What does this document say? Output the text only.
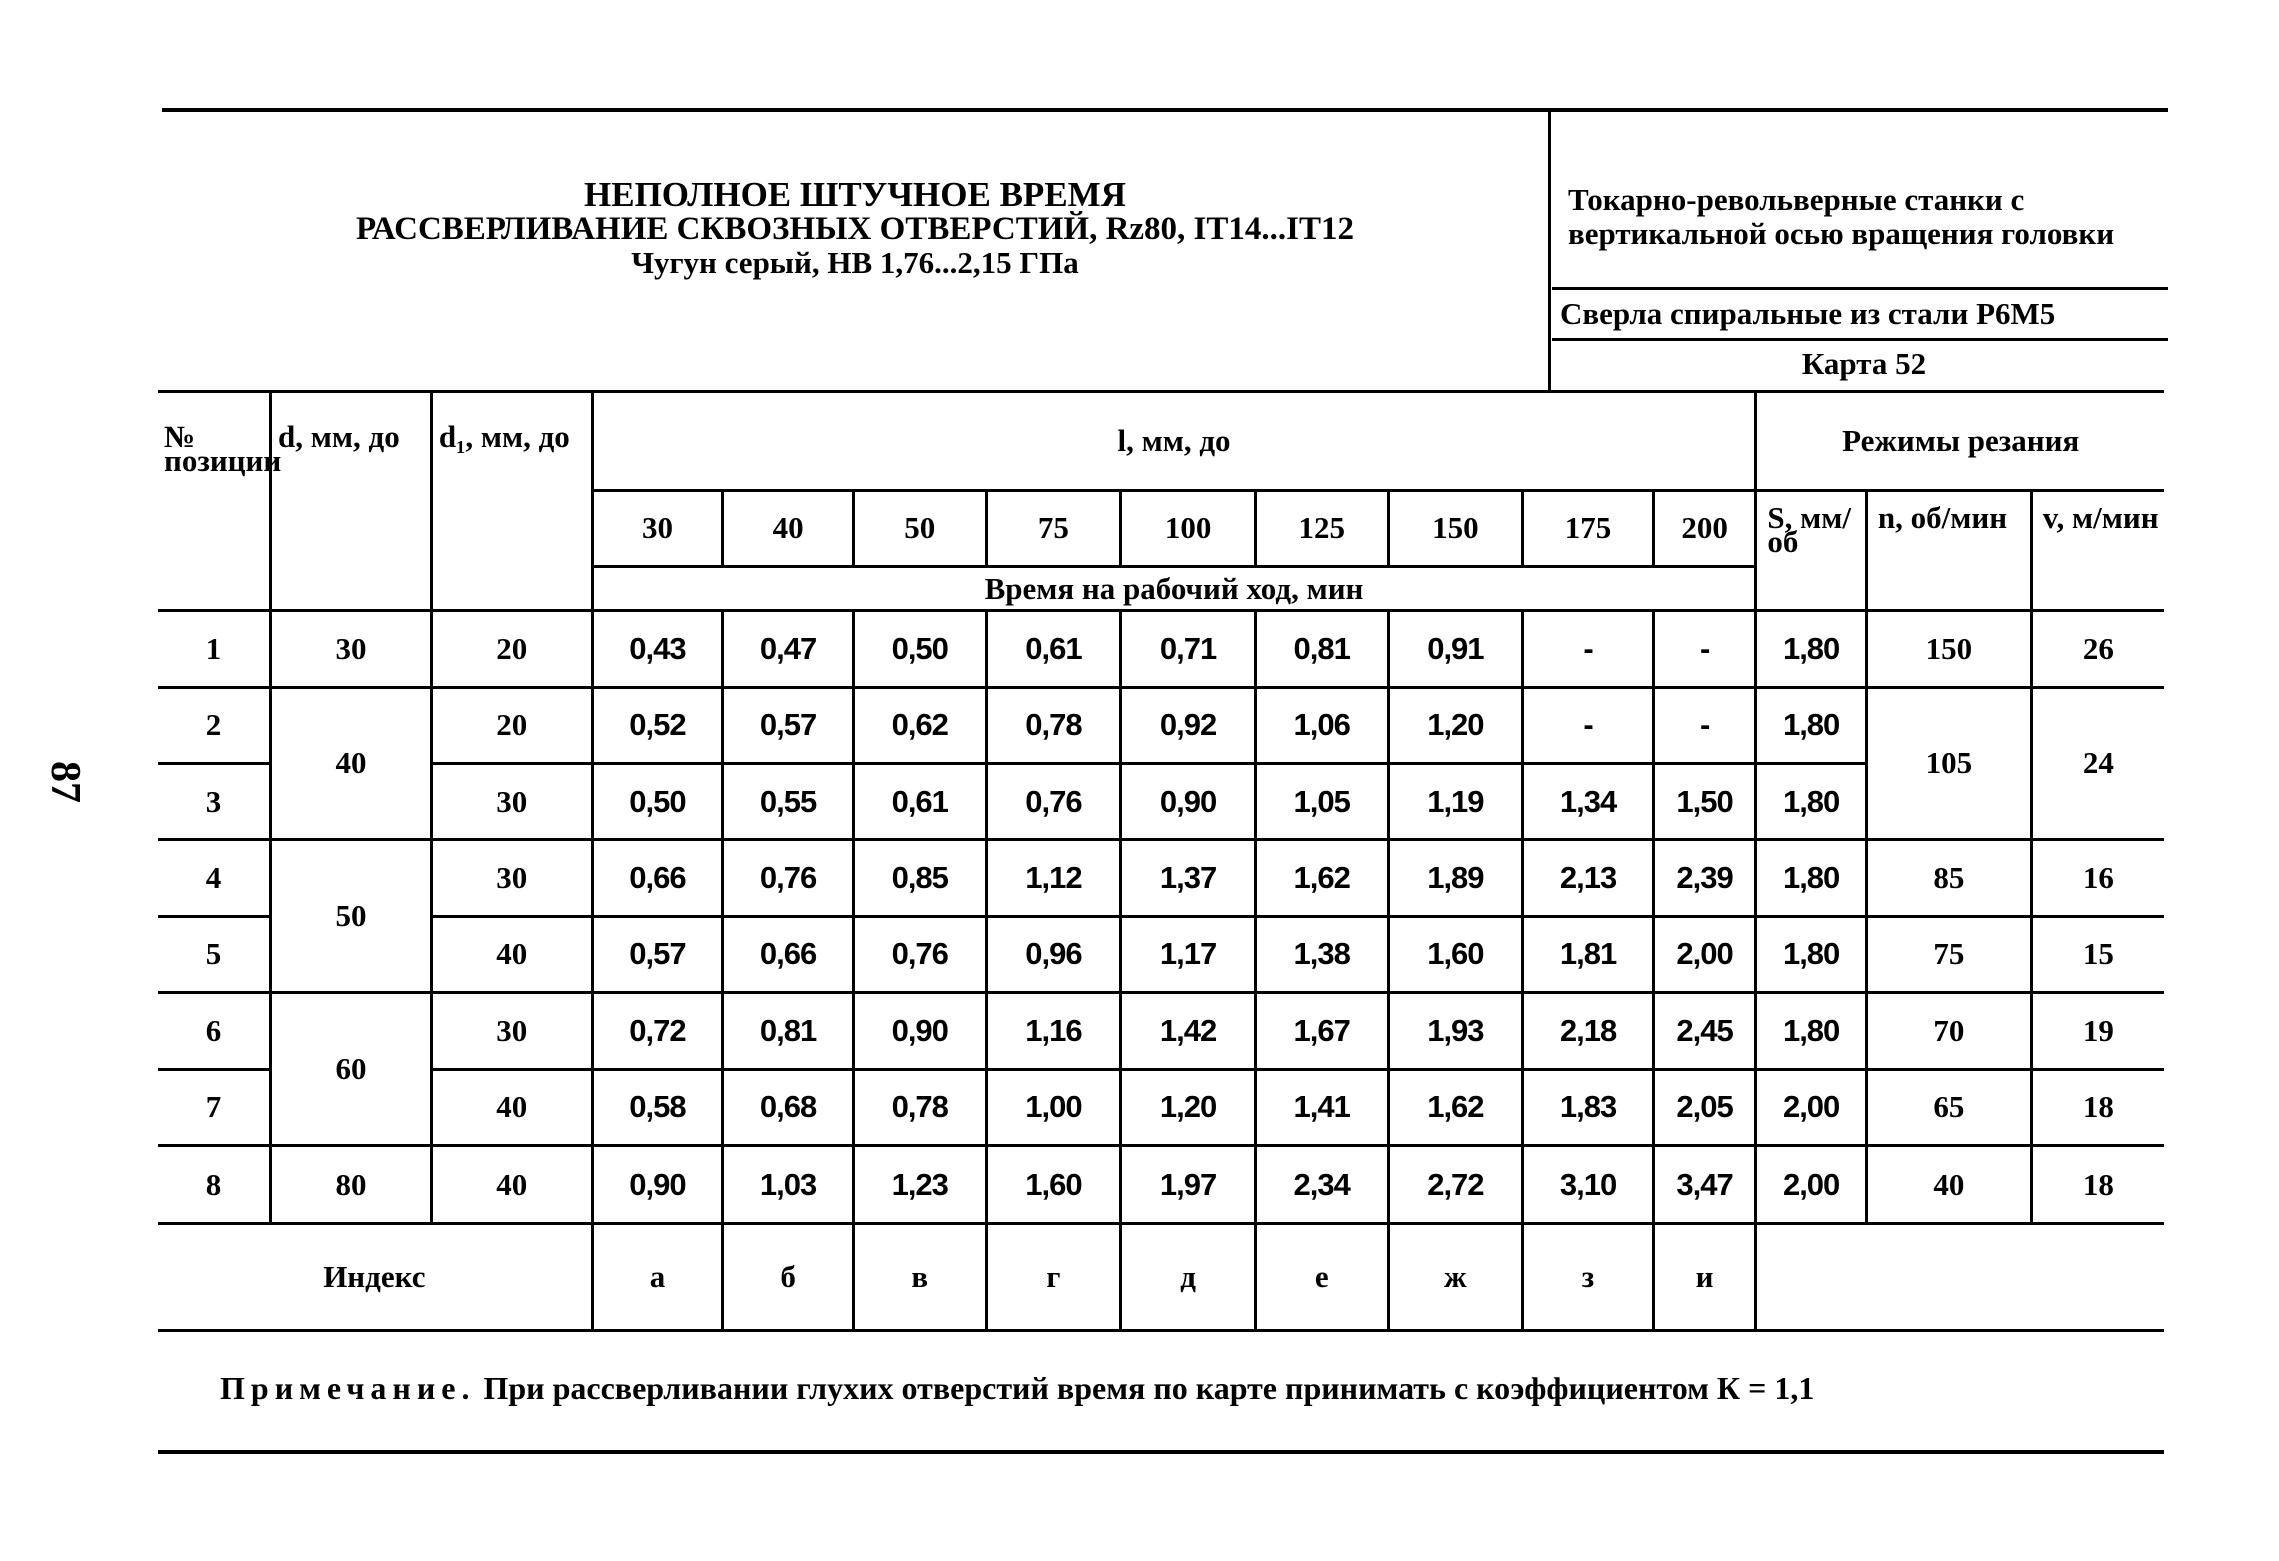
87
НЕПОЛНОЕ ШТУЧНОЕ ВРЕМЯ
РАССВЕРЛИВАНИЕ СКВОЗНЫХ ОТВЕРСТИЙ, Rz80, IT14...IT12
Чугун серый, НВ 1,76...2,15 ГПа
Токарно-револьверные станки с
вертикальной осью вращения головки
Сверла спиральные из стали Р6М5
Карта 52
№ позиции	d, мм, до	d₁, мм, до	l, мм, до									Режимы резания		
			30	40	50	75	100	125	150	175	200	S, мм/об	n, об/мин	v, м/мин
			Время на рабочий ход, мин											
1	30	20	0,43	0,47	0,50	0,61	0,71	0,81	0,91	-	-	1,80	150	26
2	40	20	0,52	0,57	0,62	0,78	0,92	1,06	1,20	-	-	1,80	105	24
3		30	0,50	0,55	0,61	0,76	0,90	1,05	1,19	1,34	1,50	1,80		
4	50	30	0,66	0,76	0,85	1,12	1,37	1,62	1,89	2,13	2,39	1,80	85	16
5		40	0,57	0,66	0,76	0,96	1,17	1,38	1,60	1,81	2,00	1,80	75	15
6	60	30	0,72	0,81	0,90	1,16	1,42	1,67	1,93	2,18	2,45	1,80	70	19
7		40	0,58	0,68	0,78	1,00	1,20	1,41	1,62	1,83	2,05	2,00	65	18
8	80	40	0,90	1,03	1,23	1,60	1,97	2,34	2,72	3,10	3,47	2,00	40	18
Индекс			а	б	в	г	д	е	ж	з	и			
Примечание. При рассверливании глухих отверстий время по карте принимать с коэффициентом К = 1,1
